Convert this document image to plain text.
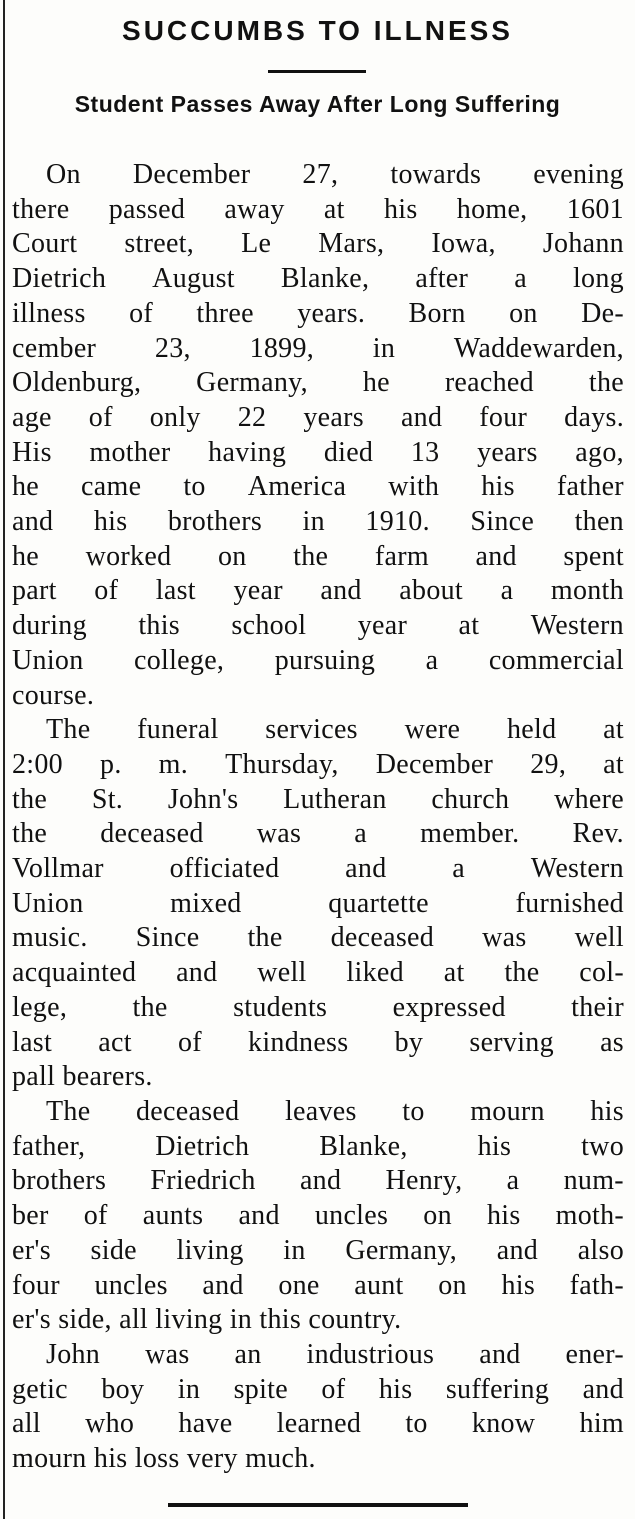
SUCCUMBS TO ILLNESS
Student Passes Away After Long Suffering
On December 27, towards evening
there passed away at his home, 1601
Court street, Le Mars, Iowa, Johann
Dietrich August Blanke, after a long
illness of three years. Born on De-
cember 23, 1899, in Waddewarden,
Oldenburg, Germany, he reached the
age of only 22 years and four days.
His mother having died 13 years ago,
he came to America with his father
and his brothers in 1910. Since then
he worked on the farm and spent
part of last year and about a month
during this school year at Western
Union college, pursuing a commercial
course.
The funeral services were held at
2:00 p. m. Thursday, December 29, at
the St. John's Lutheran church where
the deceased was a member. Rev.
Vollmar officiated and a Western
Union	mixed	quartette	furnished
music. Since the deceased was well
acquainted and well liked at the col-
lege, the students expressed their
last act of kindness by serving as
pall bearers.
The deceased leaves to mourn his
father, Dietrich Blanke, his two
brothers Friedrich and Henry, a num-
ber of aunts and uncles on his moth-
er's side living in Germany, and also
four uncles and one aunt on his fath-
er's side, all living in this country.
John was an industrious and ener-
getic boy in spite of his suffering and
all who have learned to know him
mourn his loss very much.
